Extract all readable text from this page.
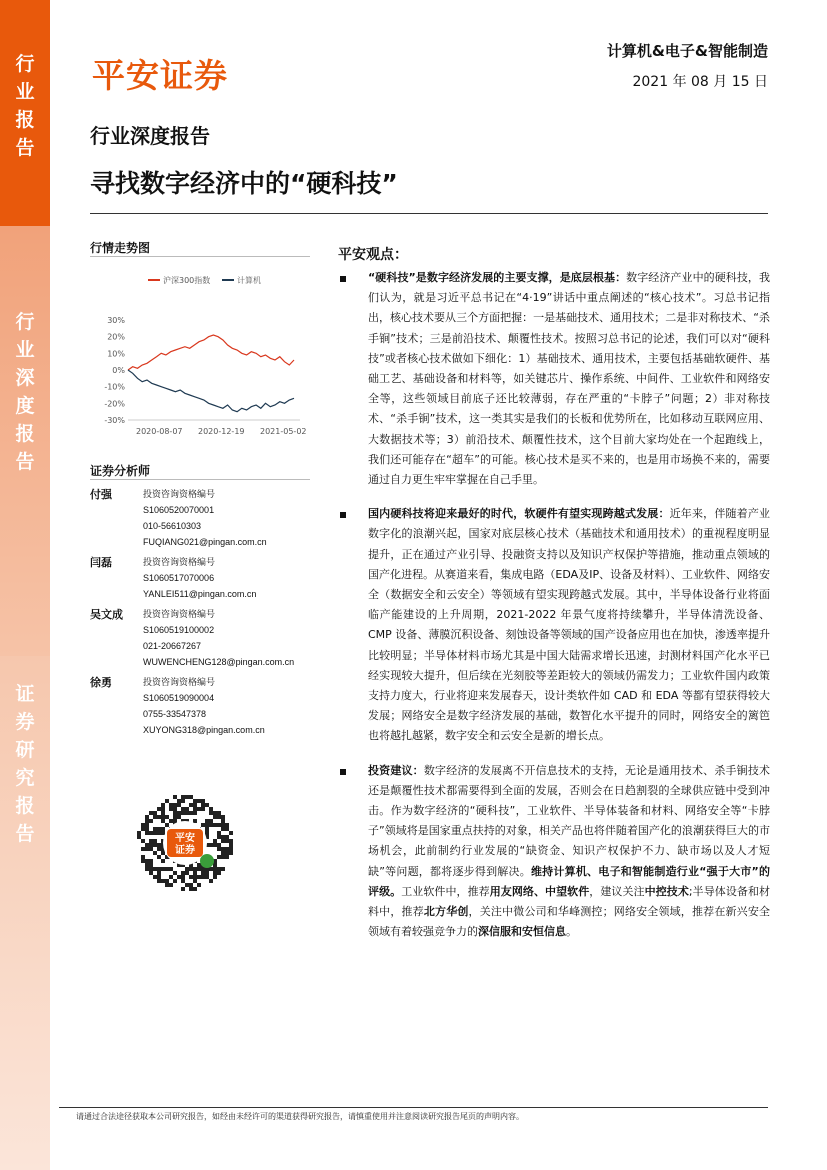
行
业
报
告
行
业
深
度
报
告
证
券
研
究
报
告
平安证券
计算机&电子&智能制造
2021 年 08 月 15 日
行业深度报告
寻找数字经济中的“硬科技”
行情走势图
沪深300指数	计算机
30%
20%
10%
0%
-10%
-20%
-30%
2020-08-07 2020-12-19 2021-05-02
证券分析师
付强	投资咨询资格编号
S1060520070001
010-56610303
FUQIANG021@pingan.com.cn
闫磊	投资咨询资格编号
S1060517070006
YANLEI511@pingan.com.cn
吴文成 投资咨询资格编号
S1060519100002
021-20667267
WUWENCHENG128@pingan.com.cn
徐勇	投资咨询资格编号
S1060519090004
0755-33547378
XUYONG318@pingan.com.cn
平安
证券
平安观点：
“硬科技”是数字经济发展的主要支撑，是底层根基：数字经济产业中的硬科技，我们认为，就是习近平总书记在“4·19”讲话中重点阐述的“核心技术”。习总书记指出，核心技术要从三个方面把握：一是基础技术、通用技术；二是非对称技术、“杀手锏”技术；三是前沿技术、颠覆性技术。按照习总书记的论述，我们可以对“硬科技”或者核心技术做如下细化：1）基础技术、通用技术，主要包括基础软硬件、基础工艺、基础设备和材料等，如关键芯片、操作系统、中间件、工业软件和网络安全等，这些领域目前底子还比较薄弱，存在严重的“卡脖子”问题；2）非对称技术、“杀手锏”技术，这一类其实是我们的长板和优势所在，比如移动互联网应用、大数据技术等；3）前沿技术、颠覆性技术，这个目前大家均处在一个起跑线上，我们还可能存在“超车”的可能。核心技术是买不来的，也是用市场换不来的，需要通过自力更生牢牢掌握在自己手里。
国内硬科技将迎来最好的时代，软硬件有望实现跨越式发展：近年来，伴随着产业数字化的浪潮兴起，国家对底层核心技术（基础技术和通用技术）的重视程度明显提升，正在通过产业引导、投融资支持以及知识产权保护等措施，推动重点领域的国产化进程。从赛道来看，集成电路（EDA及IP、设备及材料）、工业软件、网络安全（数据安全和云安全）等领域有望实现跨越式发展。其中，半导体设备行业将面临产能建设的上升周期，2021-2022 年景气度将持续攀升，半导体清洗设备、CMP 设备、薄膜沉积设备、刻蚀设备等领域的国产设备应用也在加快，渗透率提升比较明显；半导体材料市场尤其是中国大陆需求增长迅速，封测材料国产化水平已经实现较大提升，但后续在光刻胶等差距较大的领域仍需发力；工业软件国内政策支持力度大，行业将迎来发展春天，设计类软件如 CAD 和 EDA 等都有望获得较大发展；网络安全是数字经济发展的基础，数智化水平提升的同时，网络安全的篱笆也将越扎越紧，数字安全和云安全是新的增长点。
投资建议：数字经济的发展离不开信息技术的支持，无论是通用技术、杀手锏技术还是颠覆性技术都需要得到全面的发展，否则会在日趋割裂的全球供应链中受到冲击。作为数字经济的“硬科技”，工业软件、半导体装备和材料、网络安全等“卡脖子”领域将是国家重点扶持的对象，相关产品也将伴随着国产化的浪潮获得巨大的市场机会，此前制约行业发展的“缺资金、知识产权保护不力、缺市场以及人才短缺”等问题，都将逐步得到解决。维持计算机、电子和智能制造行业“强于大市”的评级。工业软件中，推荐用友网络、中望软件，建议关注中控技术;半导体设备和材料中，推荐北方华创，关注中微公司和华峰测控；网络安全领域，推荐在新兴安全领域有着较强竞争力的深信服和安恒信息。
请通过合法途径获取本公司研究报告，如经由未经许可的渠道获得研究报告，请慎重使用并注意阅读研究报告尾页的声明内容。
